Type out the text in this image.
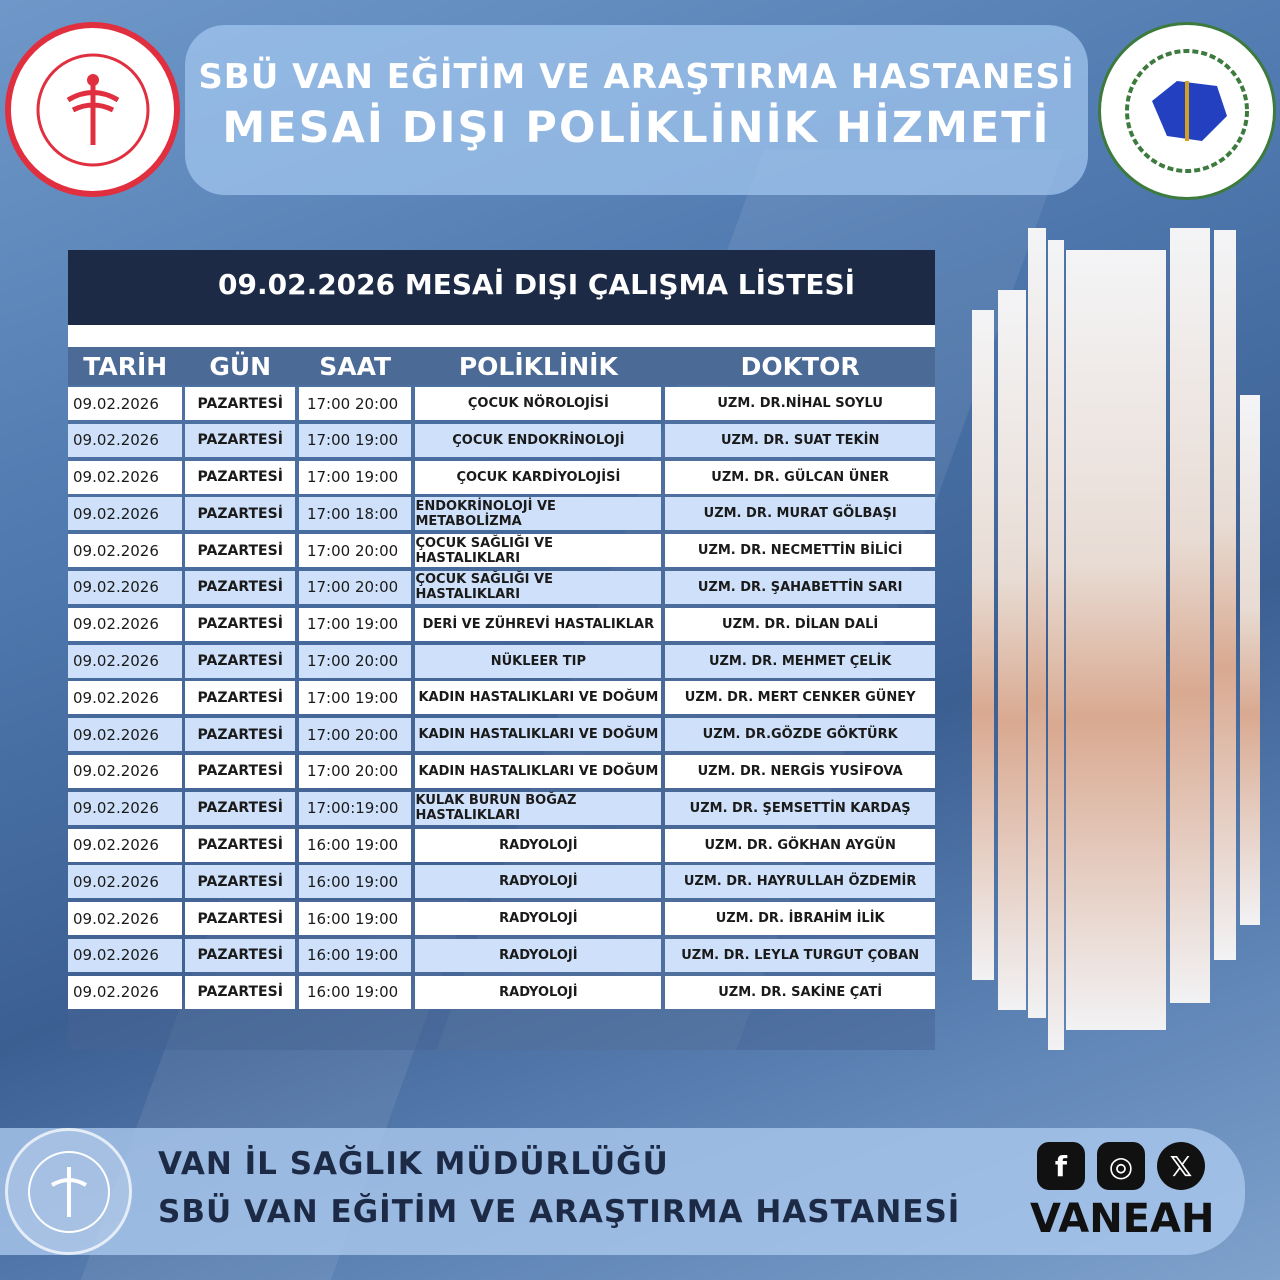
SBÜ VAN EĞİTİM VE ARAŞTIRMA HASTANESİ
MESAİ DIŞI POLİKLİNİK HİZMETİ
09.02.2026 MESAİ DIŞI ÇALIŞMA LİSTESİ
TARİH	GÜN	SAAT	POLİKLİNİK	DOKTOR
09.02.2026	PAZARTESİ	17:00 20:00	ÇOCUK NÖROLOJİSİ	UZM. DR.NİHAL SOYLU
09.02.2026	PAZARTESİ	17:00 19:00	ÇOCUK ENDOKRİNOLOJİ	UZM. DR. SUAT TEKİN
09.02.2026	PAZARTESİ	17:00 19:00	ÇOCUK KARDİYOLOJİSİ	UZM. DR. GÜLCAN ÜNER
09.02.2026	PAZARTESİ	17:00 18:00	ENDOKRİNOLOJİ VE METABOLİZMA	UZM. DR. MURAT GÖLBAŞI
09.02.2026	PAZARTESİ	17:00 20:00	ÇOCUK SAĞLIĞI VE HASTALIKLARI	UZM. DR. NECMETTİN BİLİCİ
09.02.2026	PAZARTESİ	17:00 20:00	ÇOCUK SAĞLIĞI VE HASTALIKLARI	UZM. DR. ŞAHABETTİN SARI
09.02.2026	PAZARTESİ	17:00 19:00	DERİ VE ZÜHREVİ HASTALIKLAR	UZM. DR. DİLAN DALİ
09.02.2026	PAZARTESİ	17:00 20:00	NÜKLEER TIP	UZM. DR. MEHMET ÇELİK
09.02.2026	PAZARTESİ	17:00 19:00	KADIN HASTALIKLARI VE DOĞUM	UZM. DR. MERT CENKER GÜNEY
09.02.2026	PAZARTESİ	17:00 20:00	KADIN HASTALIKLARI VE DOĞUM	UZM. DR.GÖZDE GÖKTÜRK
09.02.2026	PAZARTESİ	17:00 20:00	KADIN HASTALIKLARI VE DOĞUM	UZM. DR. NERGİS YUSİFOVA
09.02.2026	PAZARTESİ	17:00:19:00	KULAK BURUN BOĞAZ HASTALIKLARI	UZM. DR. ŞEMSETTİN KARDAŞ
09.02.2026	PAZARTESİ	16:00 19:00	RADYOLOJİ	UZM. DR. GÖKHAN AYGÜN
09.02.2026	PAZARTESİ	16:00 19:00	RADYOLOJİ	UZM. DR. HAYRULLAH ÖZDEMİR
09.02.2026	PAZARTESİ	16:00 19:00	RADYOLOJİ	UZM. DR. İBRAHİM İLİK
09.02.2026	PAZARTESİ	16:00 19:00	RADYOLOJİ	UZM. DR. LEYLA TURGUT ÇOBAN
09.02.2026	PAZARTESİ	16:00 19:00	RADYOLOJİ	UZM. DR. SAKİNE ÇATİ
VAN İL SAĞLIK MÜDÜRLÜĞÜ
SBÜ VAN EĞİTİM VE ARAŞTIRMA HASTANESİ
f	◎	𝕏
VANEAH
